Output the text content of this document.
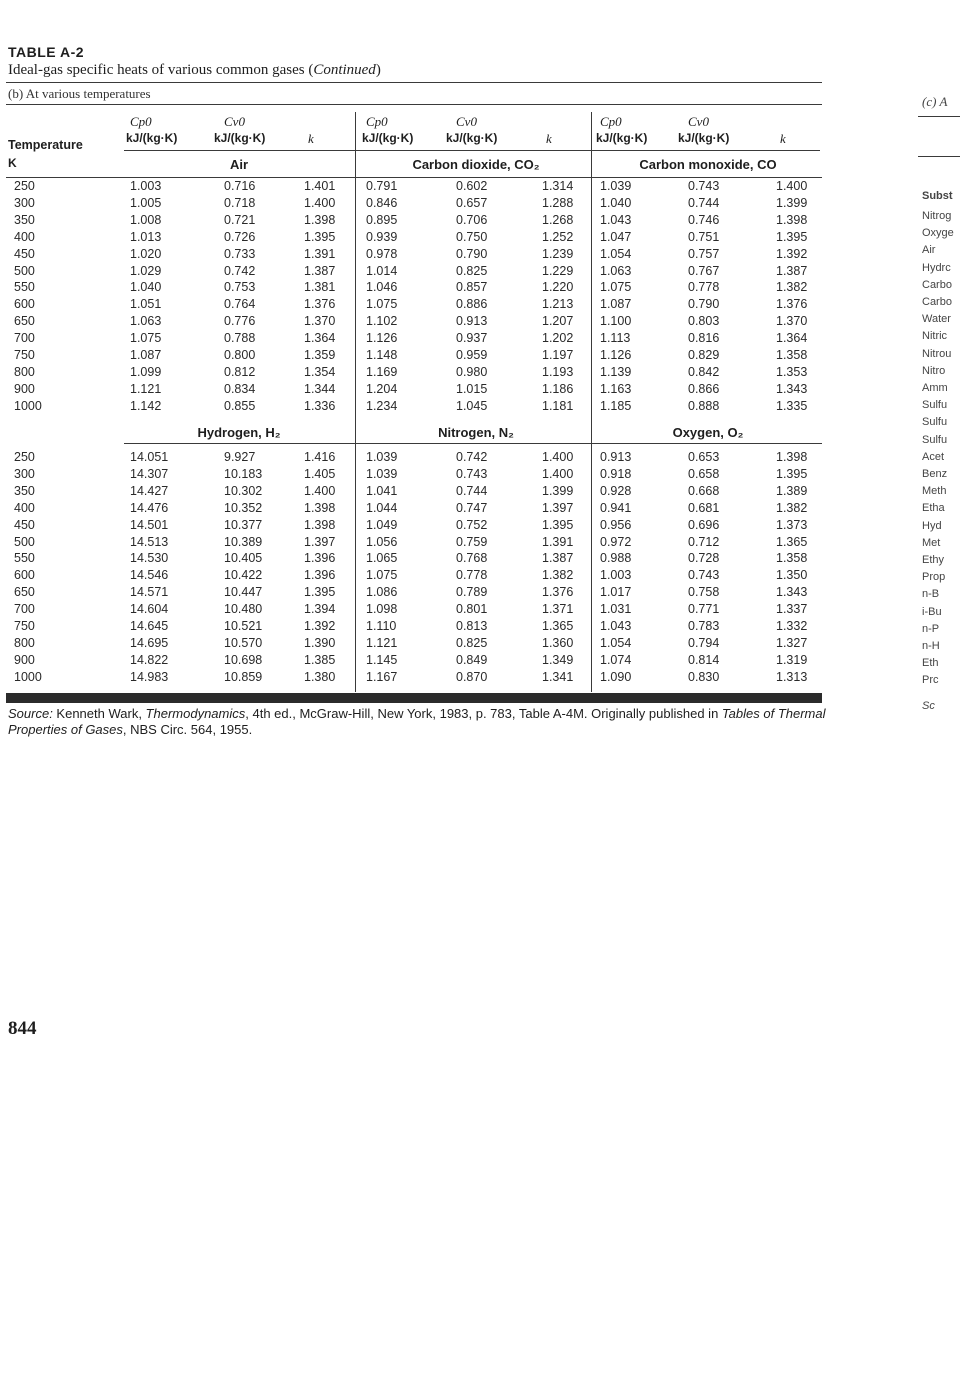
TABLE A-2
Ideal-gas specific heats of various common gases (Continued)
(b) At various temperatures
Temperature
K
Cp0	Cv0
kJ/(kg·K)	kJ/(kg·K)	k
Cp0	Cv0
kJ/(kg·K)	kJ/(kg·K)	k
Cp0	Cv0
kJ/(kg·K)	kJ/(kg·K)	k
Air	Carbon dioxide, CO₂	Carbon monoxide, CO
Hydrogen, H₂	Nitrogen, N₂	Oxygen, O₂
250	1.003	0.716	1.401 0.791	0.602	1.314 1.039	0.743	1.400
300	1.005	0.718	1.400 0.846	0.657	1.288 1.040	0.744	1.399
350	1.008	0.721	1.398 0.895	0.706	1.268 1.043	0.746	1.398
400	1.013	0.726	1.395 0.939	0.750	1.252 1.047	0.751	1.395
450	1.020	0.733	1.391 0.978	0.790	1.239 1.054	0.757	1.392
500	1.029	0.742	1.387 1.014	0.825	1.229 1.063	0.767	1.387
550	1.040	0.753	1.381 1.046	0.857	1.220 1.075	0.778	1.382
600	1.051	0.764	1.376 1.075	0.886	1.213 1.087	0.790	1.376
650	1.063	0.776	1.370 1.102	0.913	1.207 1.100	0.803	1.370
700	1.075	0.788	1.364 1.126	0.937	1.202 1.113	0.816	1.364
750	1.087	0.800	1.359 1.148	0.959	1.197 1.126	0.829	1.358
800	1.099	0.812	1.354 1.169	0.980	1.193 1.139	0.842	1.353
900	1.121	0.834	1.344 1.204	1.015	1.186 1.163	0.866	1.343
1000	1.142	0.855	1.336 1.234	1.045	1.181 1.185	0.888	1.335
250	14.051	9.927	1.416 1.039	0.742	1.400 0.913	0.653	1.398
300	14.307	10.183	1.405 1.039	0.743	1.400 0.918	0.658	1.395
350	14.427	10.302	1.400 1.041	0.744	1.399 0.928	0.668	1.389
400	14.476	10.352	1.398 1.044	0.747	1.397 0.941	0.681	1.382
450	14.501	10.377	1.398 1.049	0.752	1.395 0.956	0.696	1.373
500	14.513	10.389	1.397 1.056	0.759	1.391 0.972	0.712	1.365
550	14.530	10.405	1.396 1.065	0.768	1.387 0.988	0.728	1.358
600	14.546	10.422	1.396 1.075	0.778	1.382 1.003	0.743	1.350
650	14.571	10.447	1.395 1.086	0.789	1.376 1.017	0.758	1.343
700	14.604	10.480	1.394 1.098	0.801	1.371 1.031	0.771	1.337
750	14.645	10.521	1.392 1.110	0.813	1.365 1.043	0.783	1.332
800	14.695	10.570	1.390 1.121	0.825	1.360 1.054	0.794	1.327
900	14.822	10.698	1.385 1.145	0.849	1.349 1.074	0.814	1.319
1000	14.983	10.859	1.380 1.167	0.870	1.341 1.090	0.830	1.313
Source: Kenneth Wark, Thermodynamics, 4th ed., McGraw-Hill, New York, 1983, p. 783, Table A-4M. Originally published in Tables of Thermal Properties of Gases, NBS Circ. 564, 1955.
844
(c) A
Subst
Nitrog
Oxyge
Air
Hydrc
Carbo
Carbo
Water
Nitric
Nitrou
Nitro
Amm
Sulfu
Sulfu
Sulfu
Acet
Benz
Meth
Etha
Hyd
Met
Ethy
Prop
n-B
i-Bu
n-P
n-H
Eth
Prc
Sc
